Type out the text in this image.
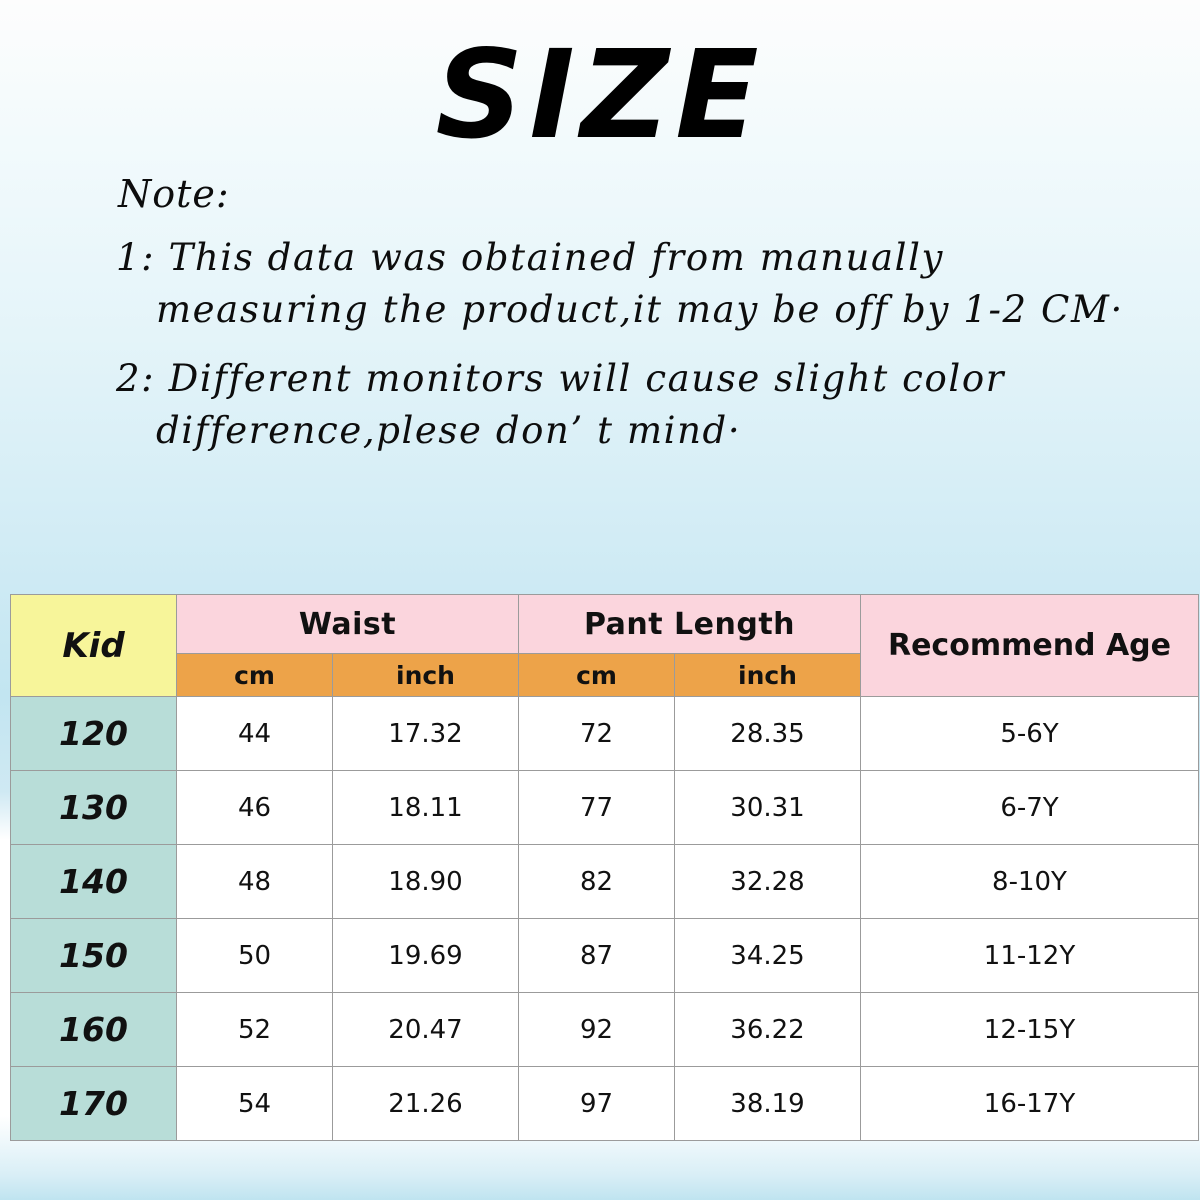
SIZE
Note:
1: This data was obtained from manually
measuring the product,it may be off by 1-2 CM·
2: Different monitors will cause slight color
difference,plese don’ t mind·
Kid	Waist		Pant Length		Recommend Age
	cm	inch	cm	inch	
120	44	17.32	72	28.35	5-6Y
130	46	18.11	77	30.31	6-7Y
140	48	18.90	82	32.28	8-10Y
150	50	19.69	87	34.25	11-12Y
160	52	20.47	92	36.22	12-15Y
170	54	21.26	97	38.19	16-17Y
